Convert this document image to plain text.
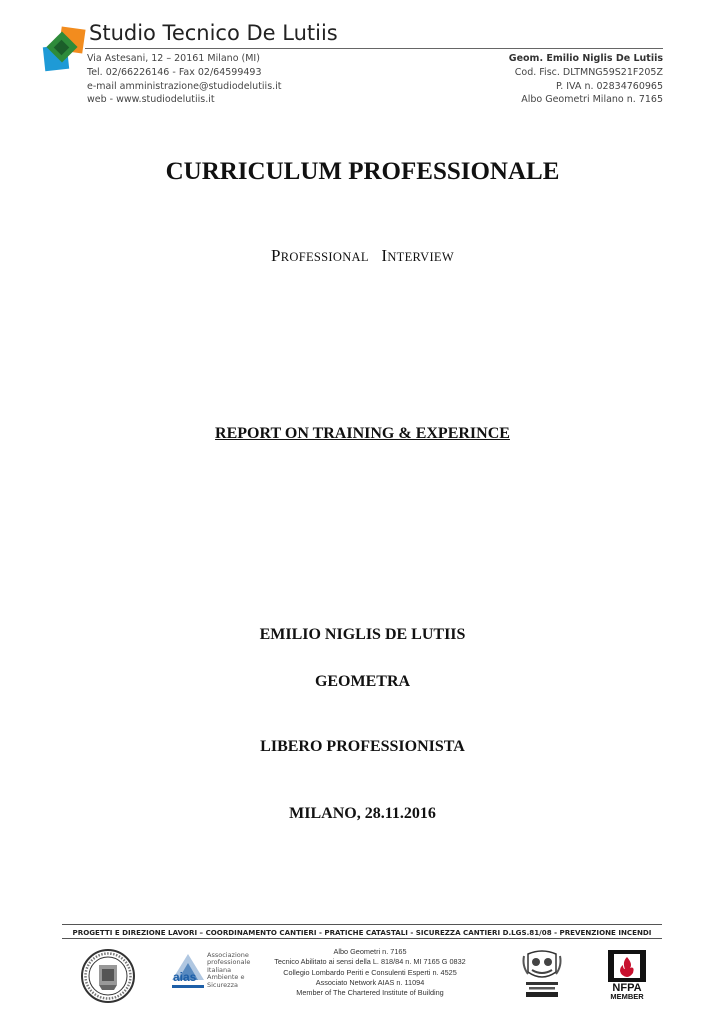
Studio Tecnico De Lutiis
Via Astesani, 12 – 20161 Milano (MI)
Tel. 02/66226146 - Fax 02/64599493
e-mail amministrazione@studiodelutiis.it
web - www.studiodelutiis.it
Geom. Emilio Niglis De Lutiis
Cod. Fisc. DLTMNG59S21F205Z
P. IVA n. 02834760965
Albo Geometri Milano n. 7165
CURRICULUM PROFESSIONALE
PROFESSIONAL INTERVIEW
REPORT ON TRAINING & EXPERINCE
EMILIO NIGLIS DE LUTIIS
GEOMETRA
LIBERO PROFESSIONISTA
MILANO, 28.11.2016
PROGETTI E DIREZIONE LAVORI – COORDINAMENTO CANTIERI - PRATICHE CATASTALI - SICUREZZA CANTIERI D.LGS.81/08 - PREVENZIONE INCENDI
aias
Associazione
professionale
Italiana
Ambiente e
Sicurezza
Albo Geometri n. 7165
Tecnico Abilitato ai sensi della L. 818/84 n. MI 7165 G 0832
Collegio Lombardo Periti e Consulenti Esperti n. 4525
Associato Network AIAS n. 11094
Member of The Chartered Institute of Building	NFPA
MEMBER
